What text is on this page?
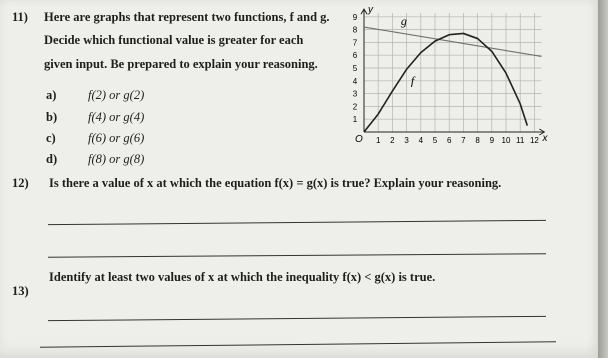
11) Here are graphs that represent two functions, f and g.
Decide which functional value is greater for each
given input. Be prepared to explain your reasoning.
a)	f(2) or g(2)
b) f(4) or g(4)
c)	f(6) or g(6)
d) f(8) or g(8)
1 2 3 4 5 6 7 8 9 10 11 12
1
2
3
4
5
6
7
8
9
y
x
O
g
f
12) Is there a value of x at which the equation f(x) = g(x) is true? Explain your reasoning.
13)
Identify at least two values of x at which the inequality f(x) < g(x) is true.
